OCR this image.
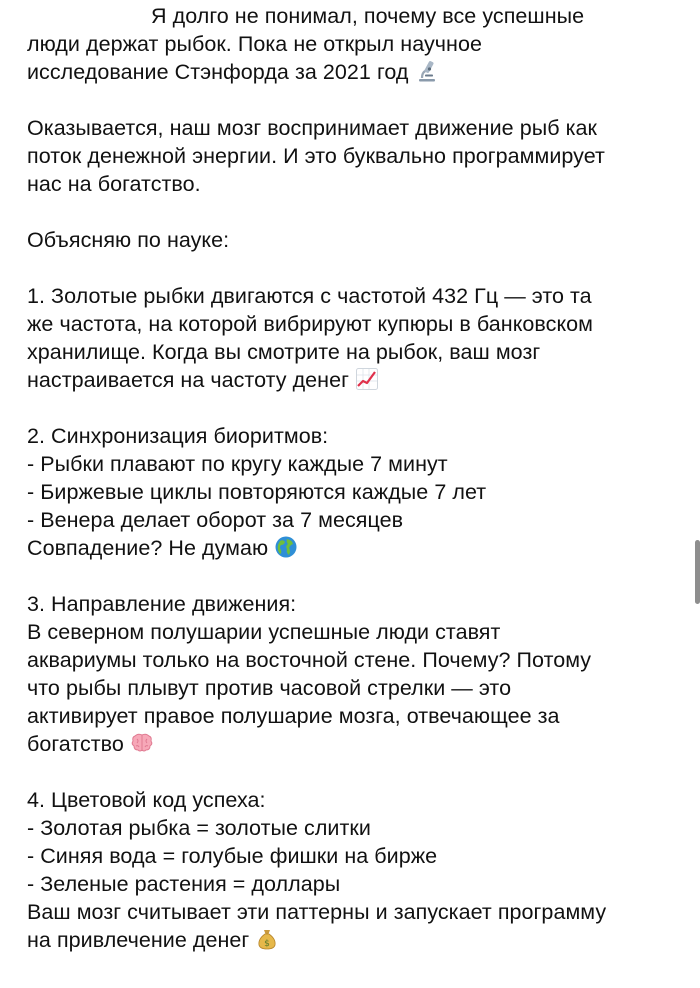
Я долго не понимал, почему все успешные
люди держат рыбок. Пока не открыл научное
исследование Стэнфорда за 2021 год
Оказывается, наш мозг воспринимает движение рыб как
поток денежной энергии. И это буквально программирует
нас на богатство.
Объясняю по науке:
1. Золотые рыбки двигаются с частотой 432 Гц — это та
же частота, на которой вибрируют купюры в банковском
хранилище. Когда вы смотрите на рыбок, ваш мозг
настраивается на частоту денег
2. Синхронизация биоритмов:
- Рыбки плавают по кругу каждые 7 минут
- Биржевые циклы повторяются каждые 7 лет
- Венера делает оборот за 7 месяцев
Совпадение? Не думаю
3. Направление движения:
В северном полушарии успешные люди ставят
аквариумы только на восточной стене. Почему? Потому
что рыбы плывут против часовой стрелки — это
активирует правое полушарие мозга, отвечающее за
богатство
4. Цветовой код успеха:
- Золотая рыбка = золотые слитки
- Синяя вода = голубые фишки на бирже
- Зеленые растения = доллары
Ваш мозг считывает эти паттерны и запускает программу
на привлечение денег $
